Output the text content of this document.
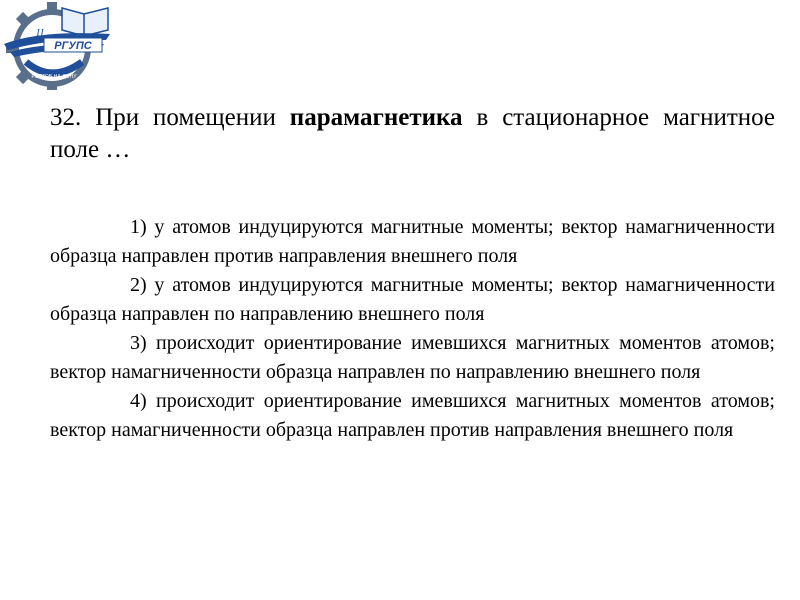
РГУПС
Ц
РОСТОВ-НА-ДОНУ
32. При помещении парамагнетика в стационарное магнитное поле …

1) у атомов индуцируются магнитные моменты; вектор намагниченности образца направлен против направления внешнего поля

2) у атомов индуцируются магнитные моменты; вектор намагниченности образца направлен по направлению внешнего поля

3) происходит ориентирование имевшихся магнитных моментов атомов; вектор намагниченности образца направлен по направлению внешнего поля

4) происходит ориентирование имевшихся магнитных моментов атомов; вектор намагниченности образца направлен против направления внешнего поля
